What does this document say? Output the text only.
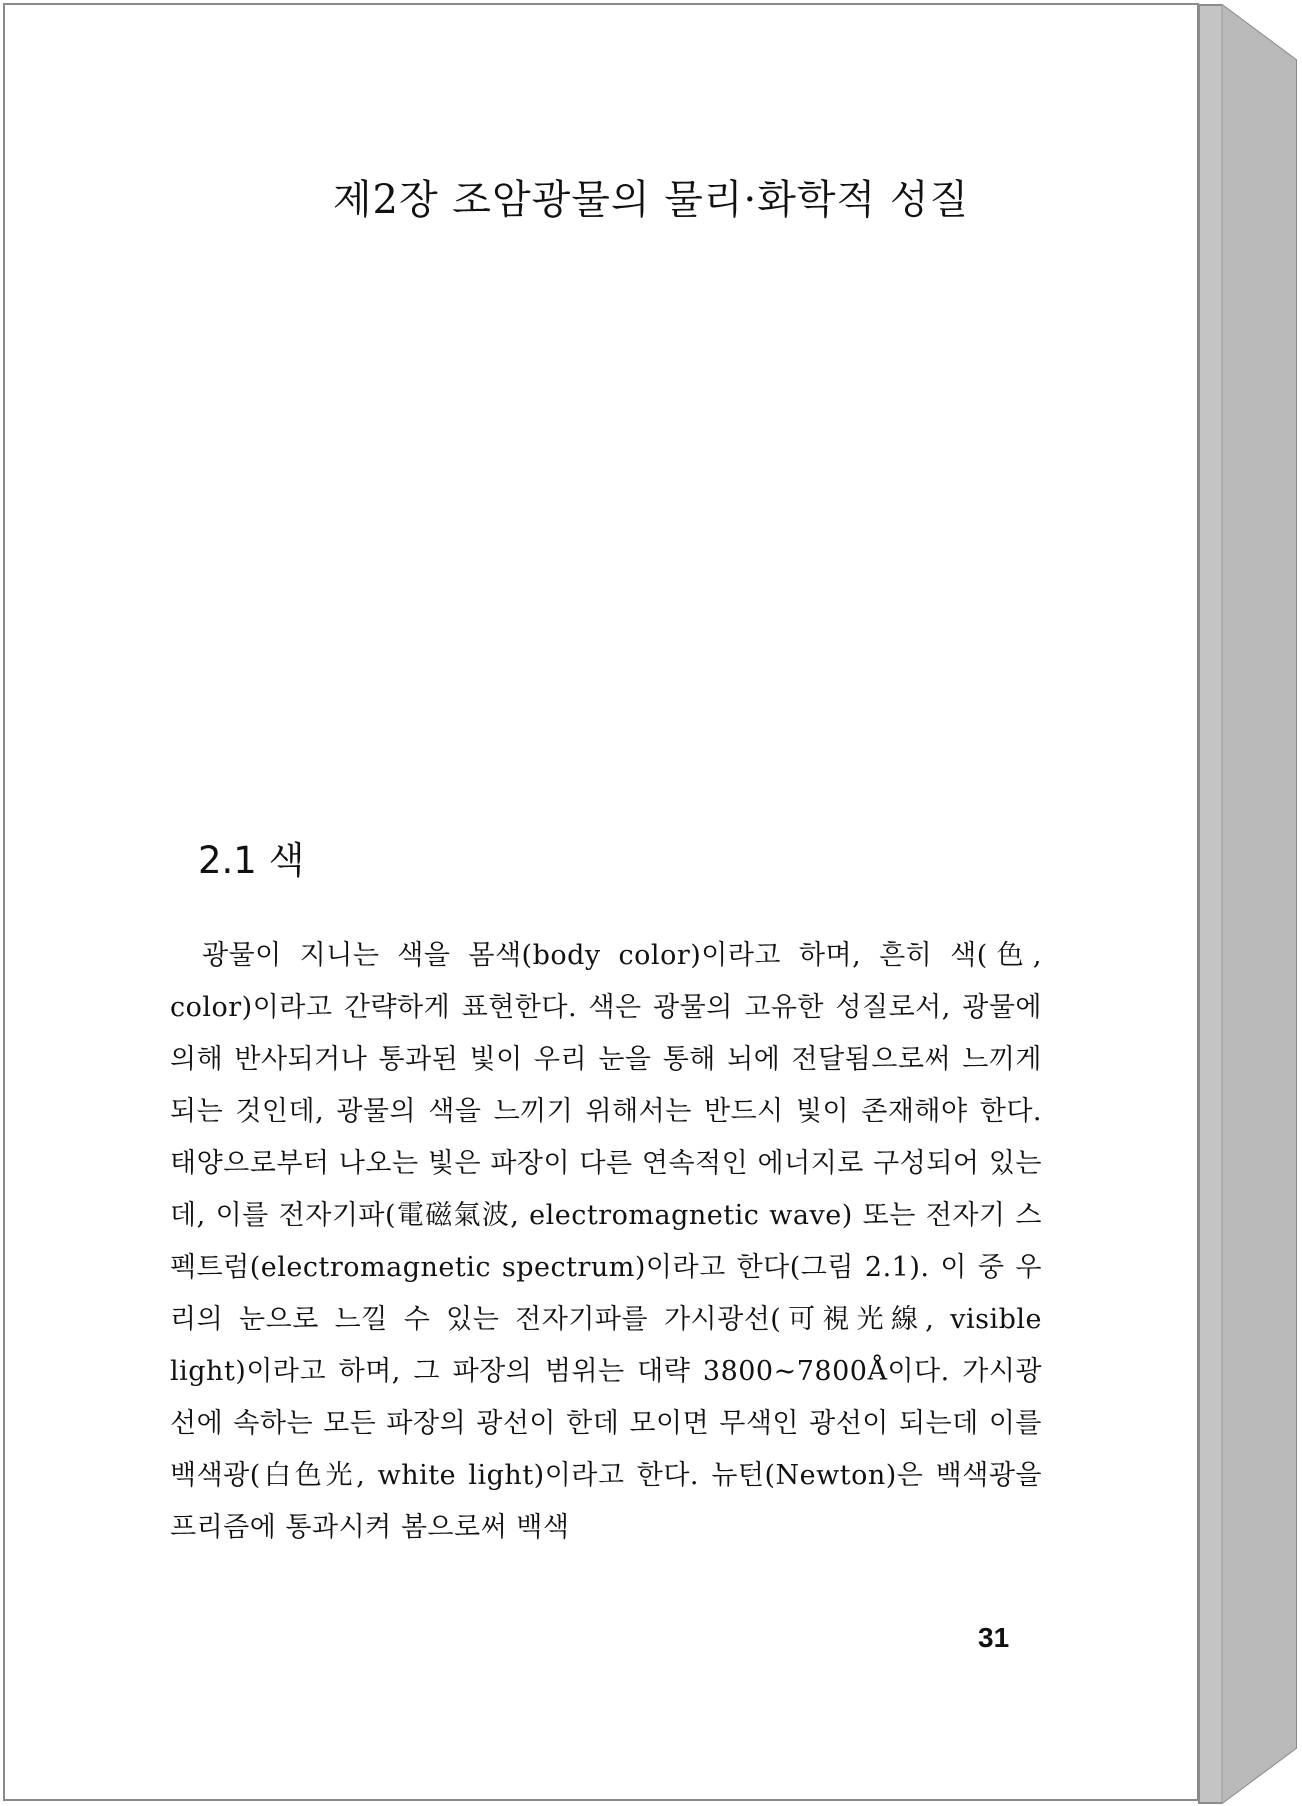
제2장 조암광물의 물리·화학적 성질
2.1 색
광물이 지니는 색을 몸색(body color)이라고 하며, 흔히 색(色, color)이라고 간략하게 표현한다. 색은 광물의 고유한 성질로서, 광물에 의해 반사되거나 통과된 빛이 우리 눈을 통해 뇌에 전달됨으로써 느끼게 되는 것인데, 광물의 색을 느끼기 위해서는 반드시 빛이 존재해야 한다. 태양으로부터 나오는 빛은 파장이 다른 연속적인 에너지로 구성되어 있는데, 이를 전자기파(電磁氣波, electromagnetic wave) 또는 전자기 스펙트럼(electromagnetic spectrum)이라고 한다(그림 2.1). 이 중 우리의 눈으로 느낄 수 있는 전자기파를 가시광선(可視光線, visible light)이라고 하며, 그 파장의 범위는 대략 3800~7800Å이다. 가시광선에 속하는 모든 파장의 광선이 한데 모이면 무색인 광선이 되는데 이를 백색광(白色光, white light)이라고 한다. 뉴턴(Newton)은 백색광을 프리즘에 통과시켜 봄으로써 백색
31
